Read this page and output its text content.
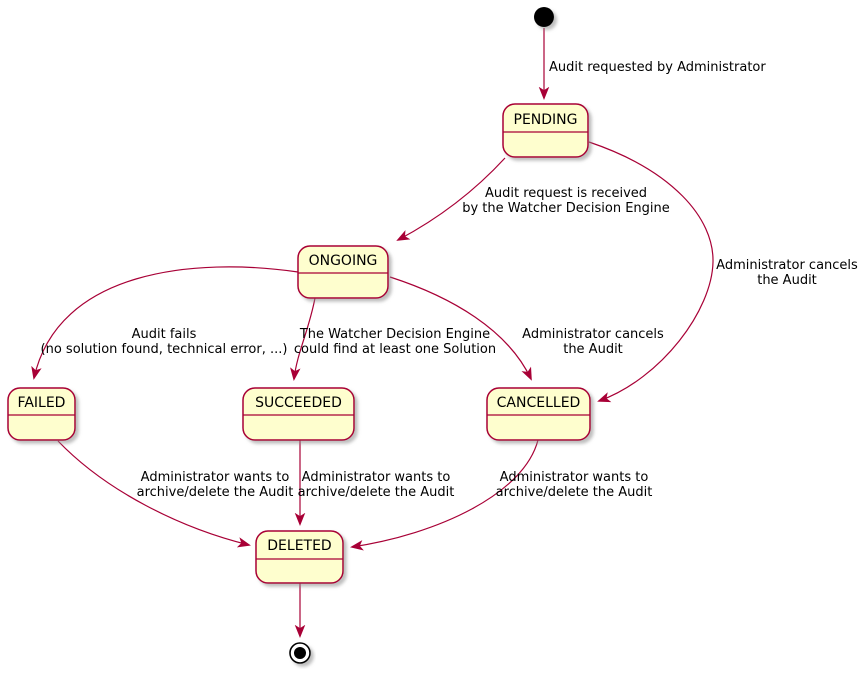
PENDING
ONGOING
FAILED	SUCCEEDED	CANCELLED
DELETED
Audit requested by Administrator
Audit request is received
by the Watcher Decision Engine
Audit fails
(no solution found, technical error, ...)
The Watcher Decision Engine
could find at least one Solution
Administrator cancels
the Audit
Administrator cancels
the Audit
Administrator wants to
archive/delete the Audit
Administrator wants to
archive/delete the Audit
Administrator wants to
archive/delete the Audit
